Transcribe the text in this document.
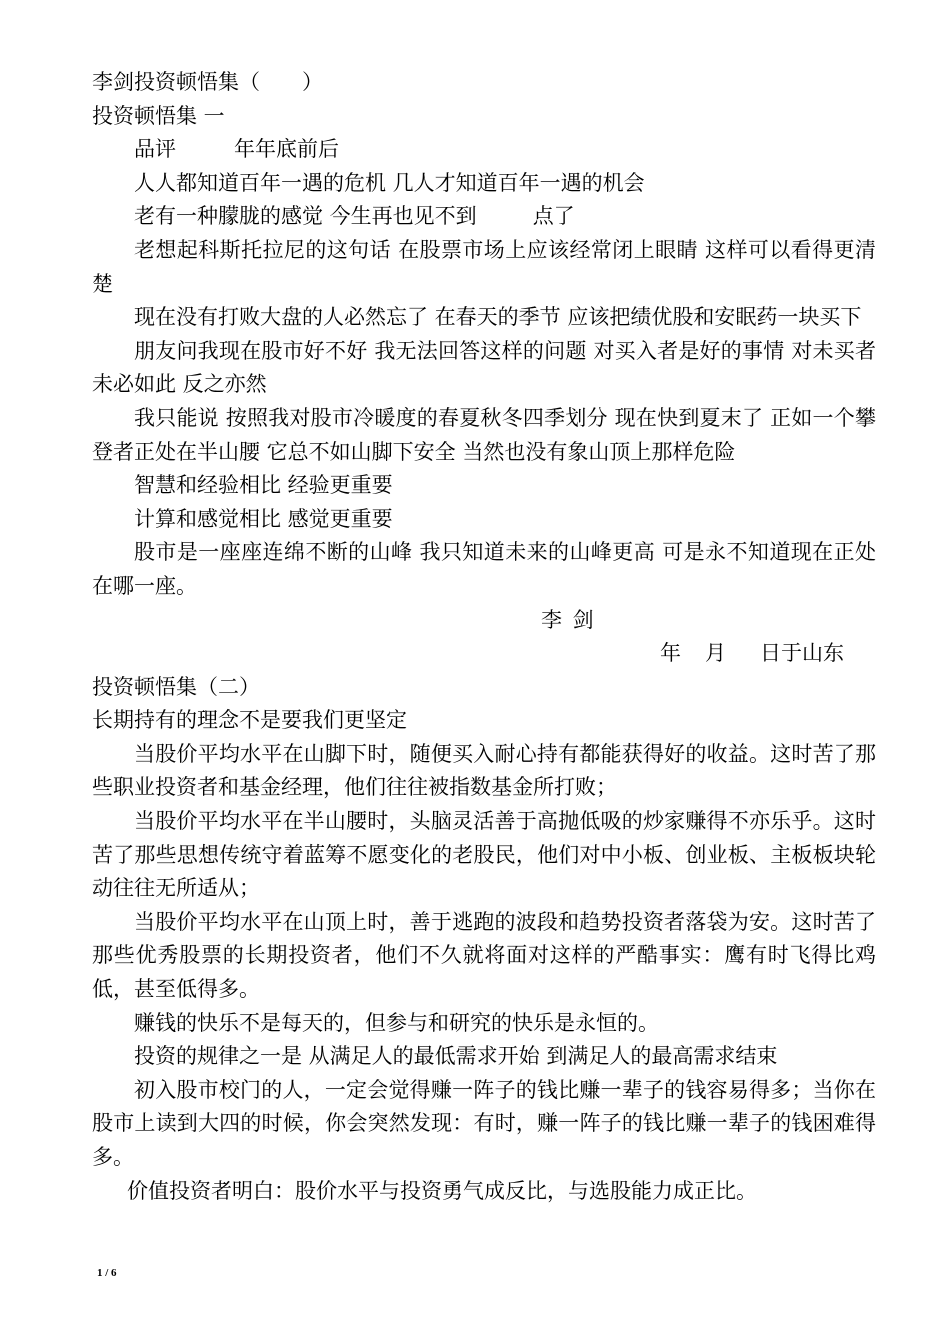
李剑投资顿悟集（　　）
投资顿悟集 一
品评	年年底前后
人人都知道百年一遇的危机 几人才知道百年一遇的机会
老有一种朦胧的感觉 今生再也见不到	点了
老想起科斯托拉尼的这句话 在股票市场上应该经常闭上眼睛 这样可以看得更清楚
现在没有打败大盘的人必然忘了 在春天的季节 应该把绩优股和安眠药一块买下
朋友问我现在股市好不好 我无法回答这样的问题 对买入者是好的事情 对未买者未必如此 反之亦然
我只能说 按照我对股市冷暖度的春夏秋冬四季划分 现在快到夏末了 正如一个攀登者正处在半山腰 它总不如山脚下安全 当然也没有象山顶上那样危险
智慧和经验相比 经验更重要
计算和感觉相比 感觉更重要
股市是一座座连绵不断的山峰 我只知道未来的山峰更高 可是永不知道现在正处在哪一座。
李 剑
年 月 日于山东
投资顿悟集（二）
长期持有的理念不是要我们更坚定
当股价平均水平在山脚下时，随便买入耐心持有都能获得好的收益。这时苦了那些职业投资者和基金经理，他们往往被指数基金所打败；
当股价平均水平在半山腰时，头脑灵活善于高抛低吸的炒家赚得不亦乐乎。这时苦了那些思想传统守着蓝筹不愿变化的老股民，他们对中小板、创业板、主板板块轮动往往无所适从；
当股价平均水平在山顶上时，善于逃跑的波段和趋势投资者落袋为安。这时苦了那些优秀股票的长期投资者，他们不久就将面对这样的严酷事实：鹰有时飞得比鸡低，甚至低得多。
赚钱的快乐不是每天的，但参与和研究的快乐是永恒的。
投资的规律之一是 从满足人的最低需求开始 到满足人的最高需求结束
初入股市校门的人，一定会觉得赚一阵子的钱比赚一辈子的钱容易得多；当你在股市上读到大四的时候，你会突然发现：有时，赚一阵子的钱比赚一辈子的钱困难得多。
价值投资者明白：股价水平与投资勇气成反比，与选股能力成正比。
1 / 6
